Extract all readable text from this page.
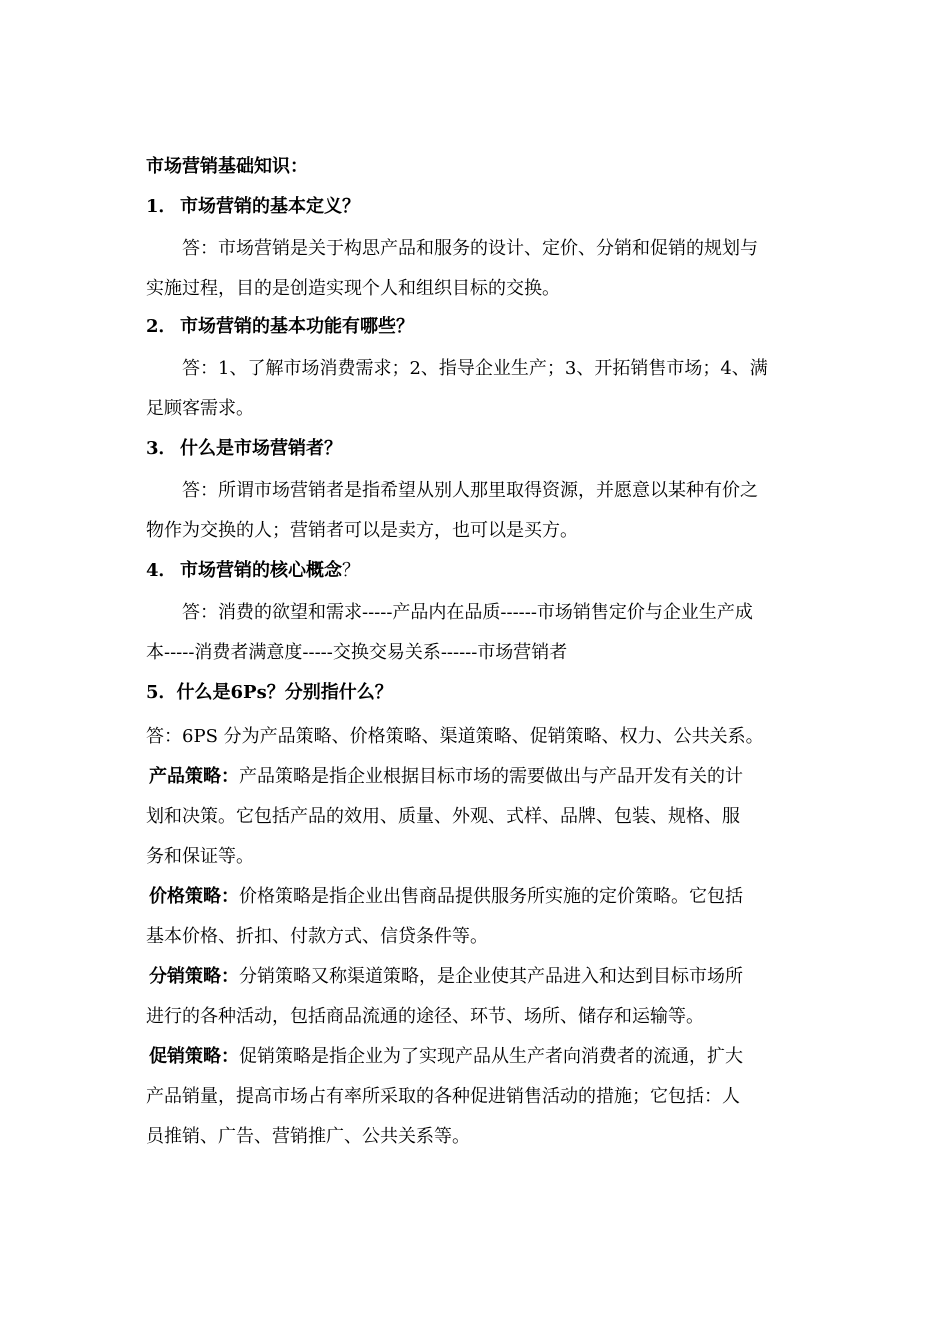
市场营销基础知识：
1． 市场营销的基本定义？
答：市场营销是关于构思产品和服务的设计、定价、分销和促销的规划与
实施过程，目的是创造实现个人和组织目标的交换。
2． 市场营销的基本功能有哪些？
答：1、了解市场消费需求；2、指导企业生产；3、开拓销售市场；4、满
足顾客需求。
3． 什么是市场营销者？
答：所谓市场营销者是指希望从别人那里取得资源，并愿意以某种有价之
物作为交换的人；营销者可以是卖方，也可以是买方。
4． 市场营销的核心概念？
答：消费的欲望和需求-----产品内在品质------市场销售定价与企业生产成
本-----消费者满意度-----交换交易关系------市场营销者
5．什么是6Ps？分别指什么？
答：6PS 分为产品策略、价格策略、渠道策略、促销策略、权力、公共关系。
产品策略：产品策略是指企业根据目标市场的需要做出与产品开发有关的计
划和决策。它包括产品的效用、质量、外观、式样、品牌、包装、规格、服
务和保证等。
价格策略：价格策略是指企业出售商品提供服务所实施的定价策略。它包括
基本价格、折扣、付款方式、信贷条件等。
分销策略：分销策略又称渠道策略，是企业使其产品进入和达到目标市场所
进行的各种活动，包括商品流通的途径、环节、场所、储存和运输等。
促销策略：促销策略是指企业为了实现产品从生产者向消费者的流通，扩大
产品销量，提高市场占有率所采取的各种促进销售活动的措施；它包括：人
员推销、广告、营销推广、公共关系等。
